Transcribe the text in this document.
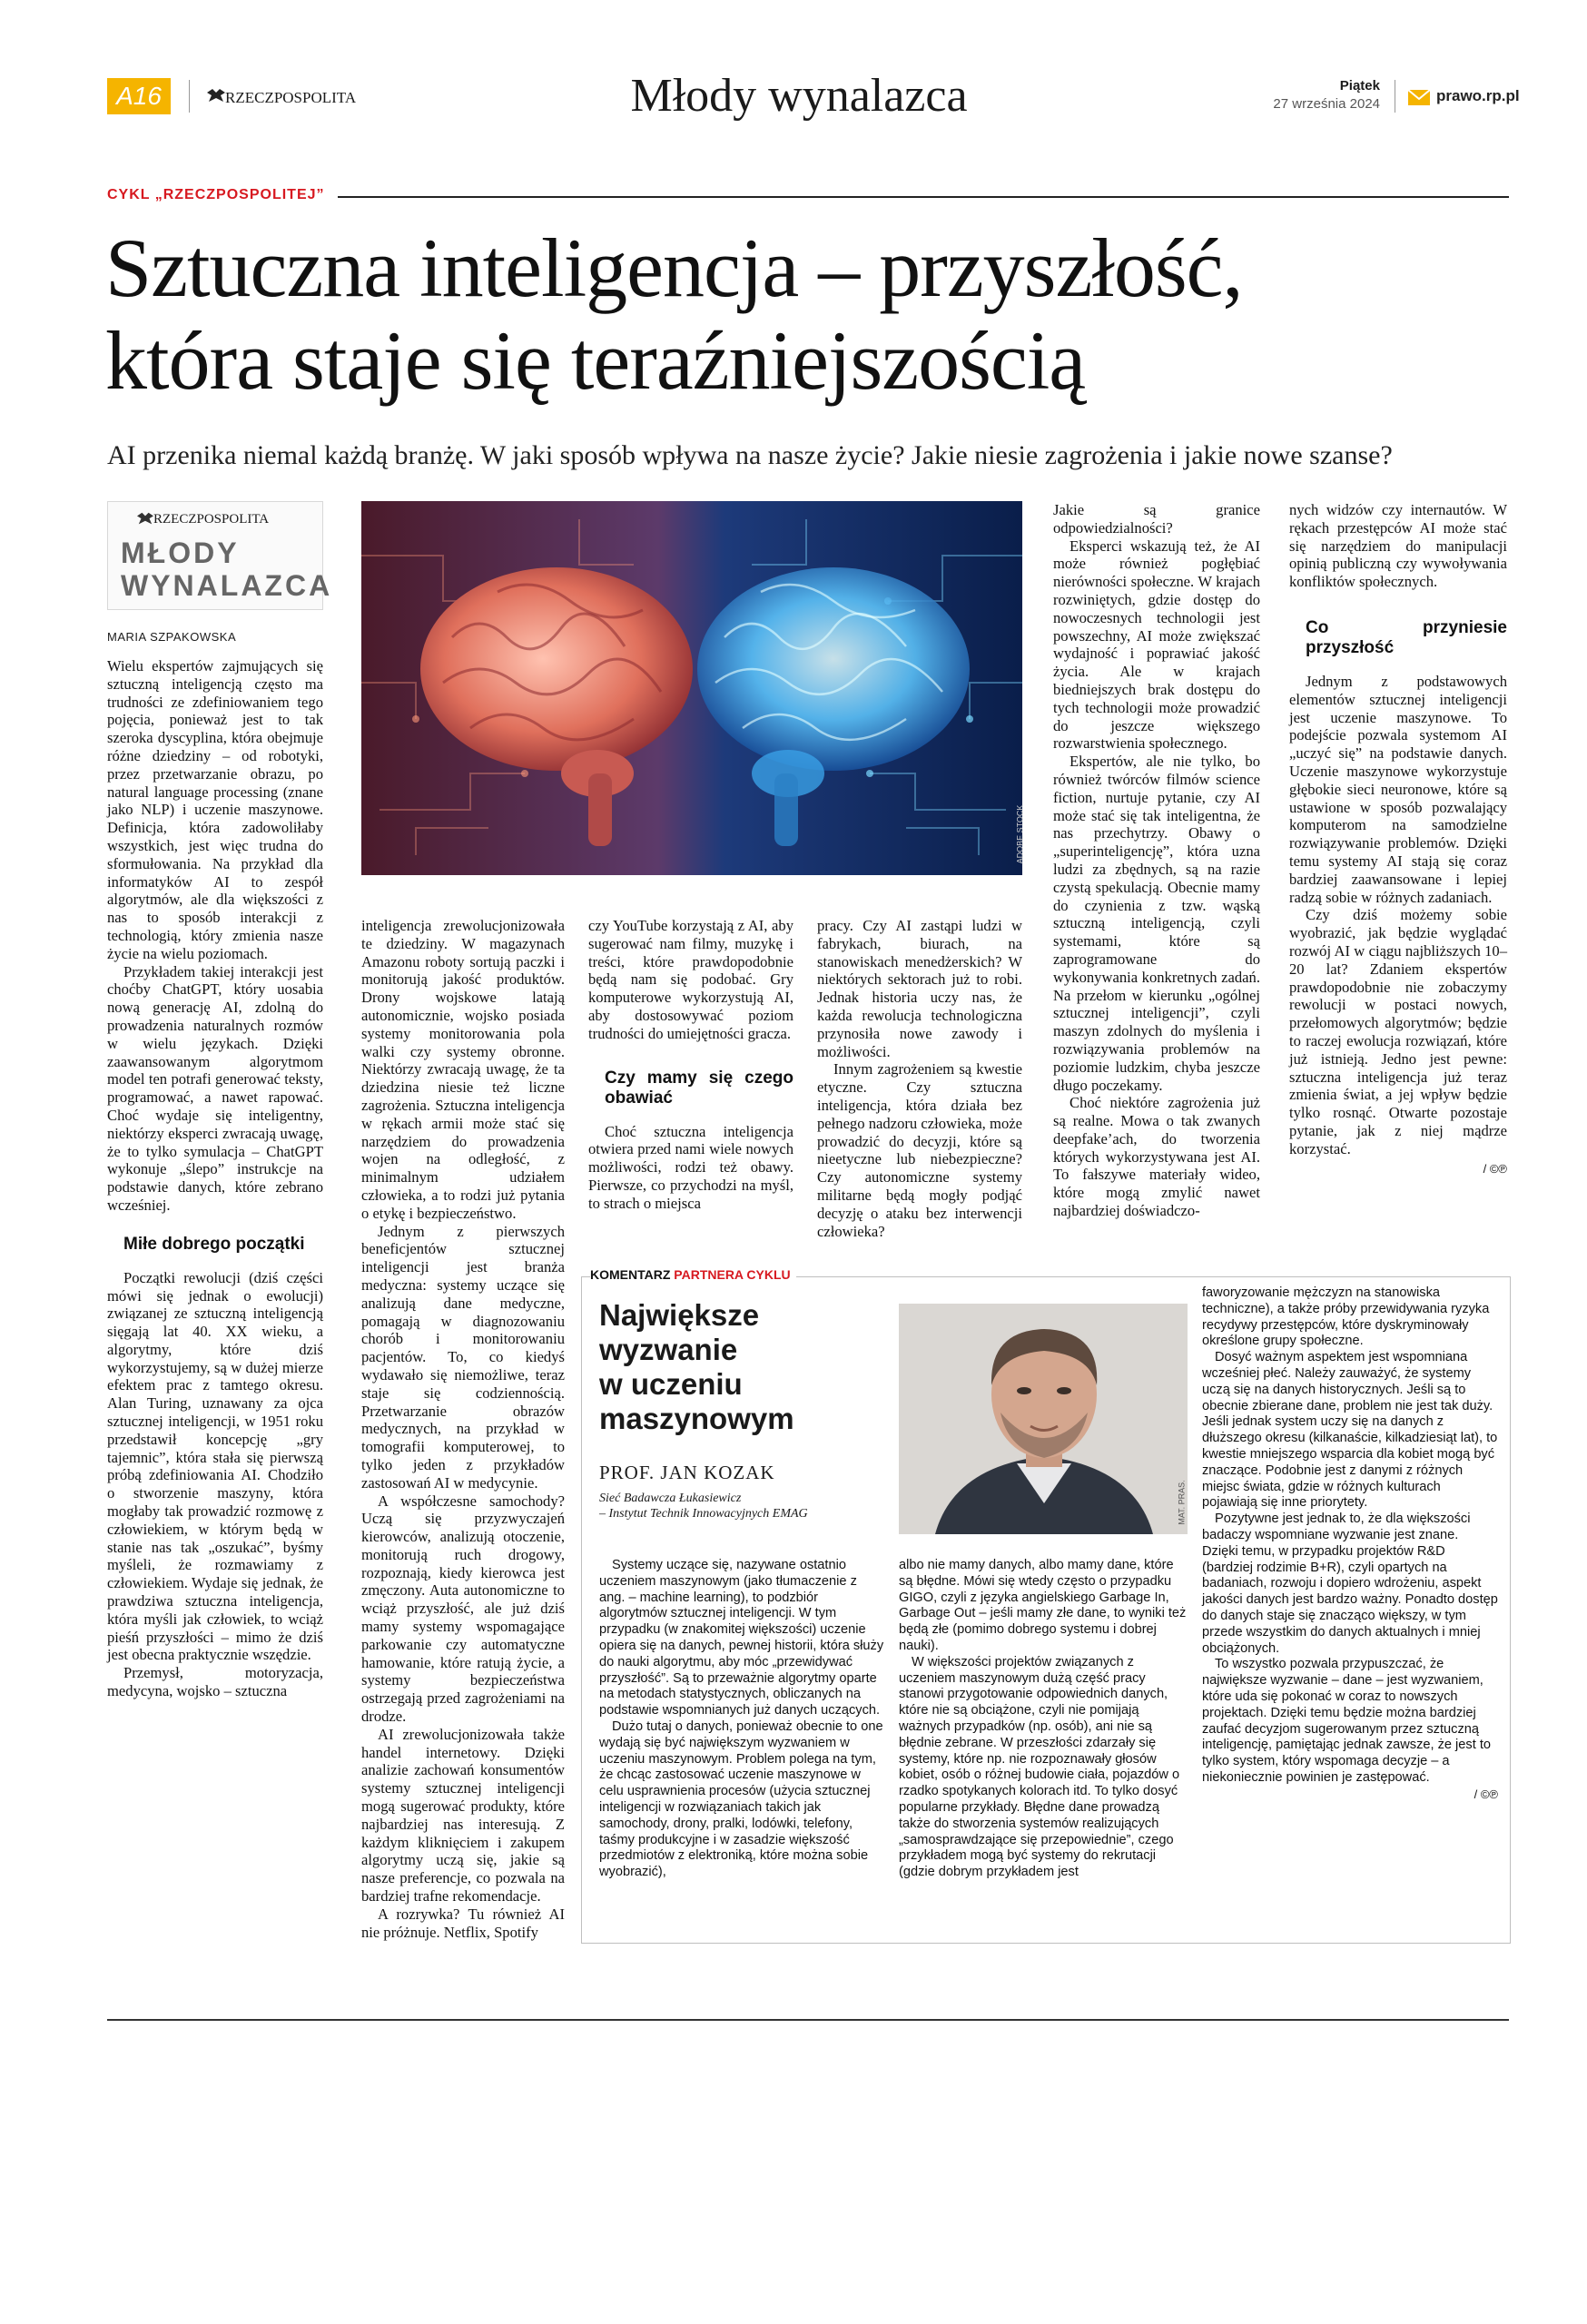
A16	RZECZPOSPOLITA	Młody wynalazca	Piątek
27 września 2024	prawo.rp.pl
CYKL „RZECZPOSPOLITEJ”
Sztuczna inteligencja – przyszłość,
która staje się teraźniejszością
AI przenika niemal każdą branżę. W jaki sposób wpływa na nasze życie? Jakie niesie zagrożenia i jakie nowe szanse?
RZECZPOSPOLITA
MŁODY
WYNALAZCA
MARIA SZPAKOWSKA
ADOBE STOCK

Wielu ekspertów zajmujących się sztuczną inteligencją często ma trudności ze zdefiniowaniem tego pojęcia, ponieważ jest to tak szeroka dyscyplina, która obejmuje różne dziedziny – od robotyki, przez przetwarzanie obrazu, po natural language processing (znane jako NLP) i uczenie maszynowe. Definicja, która zadowoliłaby wszystkich, jest więc trudna do sformułowania. Na przykład dla informatyków AI to zespół algorytmów, ale dla większości z nas to sposób interakcji z technologią, który zmienia nasze życie na wielu poziomach.

Przykładem takiej interakcji jest choćby ChatGPT, który uosabia nową generację AI, zdolną do prowadzenia naturalnych rozmów w wielu językach. Dzięki zaawansowanym algorytmom model ten potrafi generować teksty, programować, a nawet rapować. Choć wydaje się inteligentny, niektórzy eksperci zwracają uwagę, że to tylko symulacja – ChatGPT wykonuje „ślepo” instrukcje na podstawie danych, które zebrano wcześniej.

Miłe dobrego początki

Początki rewolucji (dziś części mówi się jednak o ewolucji) związanej ze sztuczną inteligencją sięgają lat 40. XX wieku, a algorytmy, które dziś wykorzystujemy, są w dużej mierze efektem prac z tamtego okresu. Alan Turing, uznawany za ojca sztucznej inteligencji, w 1951 roku przedstawił koncepcję „gry tajemnic”, która stała się pierwszą próbą zdefiniowania AI. Chodziło o stworzenie maszyny, która mogłaby tak prowadzić rozmowę z człowiekiem, w którym będą w stanie nas tak „oszukać”, byśmy myśleli, że rozmawiamy z człowiekiem. Wydaje się jednak, że prawdziwa sztuczna inteligencja, która myśli jak człowiek, to wciąż pieśń przyszłości – mimo że dziś jest obecna praktycznie wszędzie.

Przemysł, motoryzacja, medycyna, wojsko – sztuczna

inteligencja zrewolucjonizowała te dziedziny. W magazynach Amazonu roboty sortują paczki i monitorują jakość produktów. Drony wojskowe latają autonomicznie, wojsko posiada systemy monitorowania pola walki czy systemy obronne. Niektórzy zwracają uwagę, że ta dziedzina niesie też liczne zagrożenia. Sztuczna inteligencja w rękach armii może stać się narzędziem do prowadzenia wojen na odległość, z minimalnym udziałem człowieka, a to rodzi już pytania o etykę i bezpieczeństwo.

Jednym z pierwszych beneficjentów sztucznej inteligencji jest branża medyczna: systemy uczące się analizują dane medyczne, pomagają w diagnozowaniu chorób i monitorowaniu pacjentów. To, co kiedyś wydawało się niemożliwe, teraz staje się codziennością. Przetwarzanie obrazów medycznych, na przykład w tomografii komputerowej, to tylko jeden z przykładów zastosowań AI w medycynie.

A współczesne samochody? Uczą się przyzwyczajeń kierowców, analizują otoczenie, monitorują ruch drogowy, rozpoznają, kiedy kierowca jest zmęczony. Auta autonomiczne to wciąż przyszłość, ale już dziś mamy systemy wspomagające parkowanie czy automatyczne hamowanie, które ratują życie, a systemy bezpieczeństwa ostrzegają przed zagrożeniami na drodze.

AI zrewolucjonizowała także handel internetowy. Dzięki analizie zachowań konsumentów systemy sztucznej inteligencji mogą sugerować produkty, które najbardziej nas interesują. Z każdym kliknięciem i zakupem algorytmy uczą się, jakie są nasze preferencje, co pozwala na bardziej trafne rekomendacje.

A rozrywka? Tu również AI nie próżnuje. Netflix, Spotify

czy YouTube korzystają z AI, aby sugerować nam filmy, muzykę i treści, które prawdopodobnie będą nam się podobać. Gry komputerowe wykorzystują AI, aby dostosowywać poziom trudności do umiejętności gracza.

Czy mamy się czego obawiać

Choć sztuczna inteligencja otwiera przed nami wiele nowych możliwości, rodzi też obawy. Pierwsze, co przychodzi na myśl, to strach o miejsca

pracy. Czy AI zastąpi ludzi w fabrykach, biurach, na stanowiskach menedżerskich? W niektórych sektorach już to robi. Jednak historia uczy nas, że każda rewolucja technologiczna przynosiła nowe zawody i możliwości.

Innym zagrożeniem są kwestie etyczne. Czy sztuczna inteligencja, która działa bez pełnego nadzoru człowieka, może prowadzić do decyzji, które są nieetyczne lub niebezpieczne? Czy autonomiczne systemy militarne będą mogły podjąć decyzję o ataku bez interwencji człowieka?

Jakie są granice odpowiedzialności?

Eksperci wskazują też, że AI może również pogłębiać nierówności społeczne. W krajach rozwiniętych, gdzie dostęp do nowoczesnych technologii jest powszechny, AI może zwiększać wydajność i poprawiać jakość życia. Ale w krajach biedniejszych brak dostępu do tych technologii może prowadzić do jeszcze większego rozwarstwienia społecznego.

Ekspertów, ale nie tylko, bo również twórców filmów science fiction, nurtuje pytanie, czy AI może stać się tak inteligentna, że nas przechytrzy. Obawy o „superinteligencję”, która uzna ludzi za zbędnych, są na razie czystą spekulacją. Obecnie mamy do czynienia z tzw. wąską sztuczną inteligencją, czyli systemami, które są zaprogramowane do wykonywania konkretnych zadań. Na przełom w kierunku „ogólnej sztucznej inteligencji”, czyli maszyn zdolnych do myślenia i rozwiązywania problemów na poziomie ludzkim, chyba jeszcze długo poczekamy.

Choć niektóre zagrożenia już są realne. Mowa o tak zwanych deepfake’ach, do tworzenia których wykorzystywana jest AI. To fałszywe materiały wideo, które mogą zmylić nawet najbardziej doświadczo-

nych widzów czy internautów. W rękach przestępców AI może stać się narzędziem do manipulacji opinią publiczną czy wywoływania konfliktów społecznych.

Co przyniesie przyszłość

Jednym z podstawowych elementów sztucznej inteligencji jest uczenie maszynowe. To podejście pozwala systemom AI „uczyć się” na podstawie danych. Uczenie maszynowe wykorzystuje głębokie sieci neuronowe, które są ustawione w sposób pozwalający komputerom na samodzielne rozwiązywanie problemów. Dzięki temu systemy AI stają się coraz bardziej zaawansowane i lepiej radzą sobie w różnych zadaniach.

Czy dziś możemy sobie wyobrazić, jak będzie wyglądać rozwój AI w ciągu najbliższych 10–20 lat? Zdaniem ekspertów prawdopodobnie nie zobaczymy rewolucji w postaci nowych, przełomowych algorytmów; będzie to raczej ewolucja rozwiązań, które już istnieją. Jedno jest pewne: sztuczna inteligencja już teraz zmienia świat, a jej wpływ będzie tylko rosnąć. Otwarte pozostaje pytanie, jak z niej mądrze korzystać.

/ ©℗
KOMENTARZ PARTNERA CYKLU
Największe
wyzwanie
w uczeniu
maszynowym
PROF. JAN KOZAK
Sieć Badawcza Łukasiewicz
– Instytut Technik Innowacyjnych EMAG	MAT. PRAS.

Systemy uczące się, nazywane ostatnio uczeniem maszynowym (jako tłumaczenie z ang. – machine learning), to podzbiór algorytmów sztucznej inteligencji. W tym przypadku (w znakomitej większości) uczenie opiera się na danych, pewnej historii, która służy do nauki algorytmu, aby móc „przewidywać przyszłość”. Są to przeważnie algorytmy oparte na metodach statystycznych, obliczanych na podstawie wspomnianych już danych uczących.

Dużo tutaj o danych, ponieważ obecnie to one wydają się być największym wyzwaniem w uczeniu maszynowym. Problem polega na tym, że chcąc zastosować uczenie maszynowe w celu usprawnienia procesów (użycia sztucznej inteligencji w rozwiązaniach takich jak samochody, drony, pralki, lodówki, telefony, taśmy produkcyjne i w zasadzie większość przedmiotów z elektroniką, które można sobie wyobrazić),

albo nie mamy danych, albo mamy dane, które są błędne. Mówi się wtedy często o przypadku GIGO, czyli z języka angielskiego Garbage In, Garbage Out – jeśli mamy złe dane, to wyniki też będą złe (pomimo dobrego systemu i dobrej nauki).

W większości projektów związanych z uczeniem maszynowym dużą część pracy stanowi przygotowanie odpowiednich danych, które nie są obciążone, czyli nie pomijają ważnych przypadków (np. osób), ani nie są błędnie zebrane. W przeszłości zdarzały się systemy, które np. nie rozpoznawały głosów kobiet, osób o różnej budowie ciała, pojazdów o rzadko spotykanych kolorach itd. To tylko dosyć popularne przykłady. Błędne dane prowadzą także do stworzenia systemów realizujących „samosprawdzające się przepowiednie”, czego przykładem mogą być systemy do rekrutacji (gdzie dobrym przykładem jest

faworyzowanie mężczyzn na stanowiska techniczne), a także próby przewidywania ryzyka recydywy przestępców, które dyskryminowały określone grupy społeczne.

Dosyć ważnym aspektem jest wspomniana wcześniej płeć. Należy zauważyć, że systemy uczą się na danych historycznych. Jeśli są to obecnie zbierane dane, problem nie jest tak duży. Jeśli jednak system uczy się na danych z dłuższego okresu (kilkanaście, kilkadziesiąt lat), to kwestie mniejszego wsparcia dla kobiet mogą być znaczące. Podobnie jest z danymi z różnych miejsc świata, gdzie w różnych kulturach pojawiają się inne priorytety.

Pozytywne jest jednak to, że dla większości badaczy wspomniane wyzwanie jest znane. Dzięki temu, w przypadku projektów R&D (bardziej rodzimie B+R), czyli opartych na badaniach, rozwoju i dopiero wdrożeniu, aspekt jakości danych jest bardzo ważny. Ponadto dostęp do danych staje się znacząco większy, w tym przede wszystkim do danych aktualnych i mniej obciążonych.

To wszystko pozwala przypuszczać, że największe wyzwanie – dane – jest wyzwaniem, które uda się pokonać w coraz to nowszych projektach. Dzięki temu będzie można bardziej zaufać decyzjom sugerowanym przez sztuczną inteligencję, pamiętając jednak zawsze, że jest to tylko system, który wspomaga decyzje – a niekoniecznie powinien je zastępować.

/ ©℗
